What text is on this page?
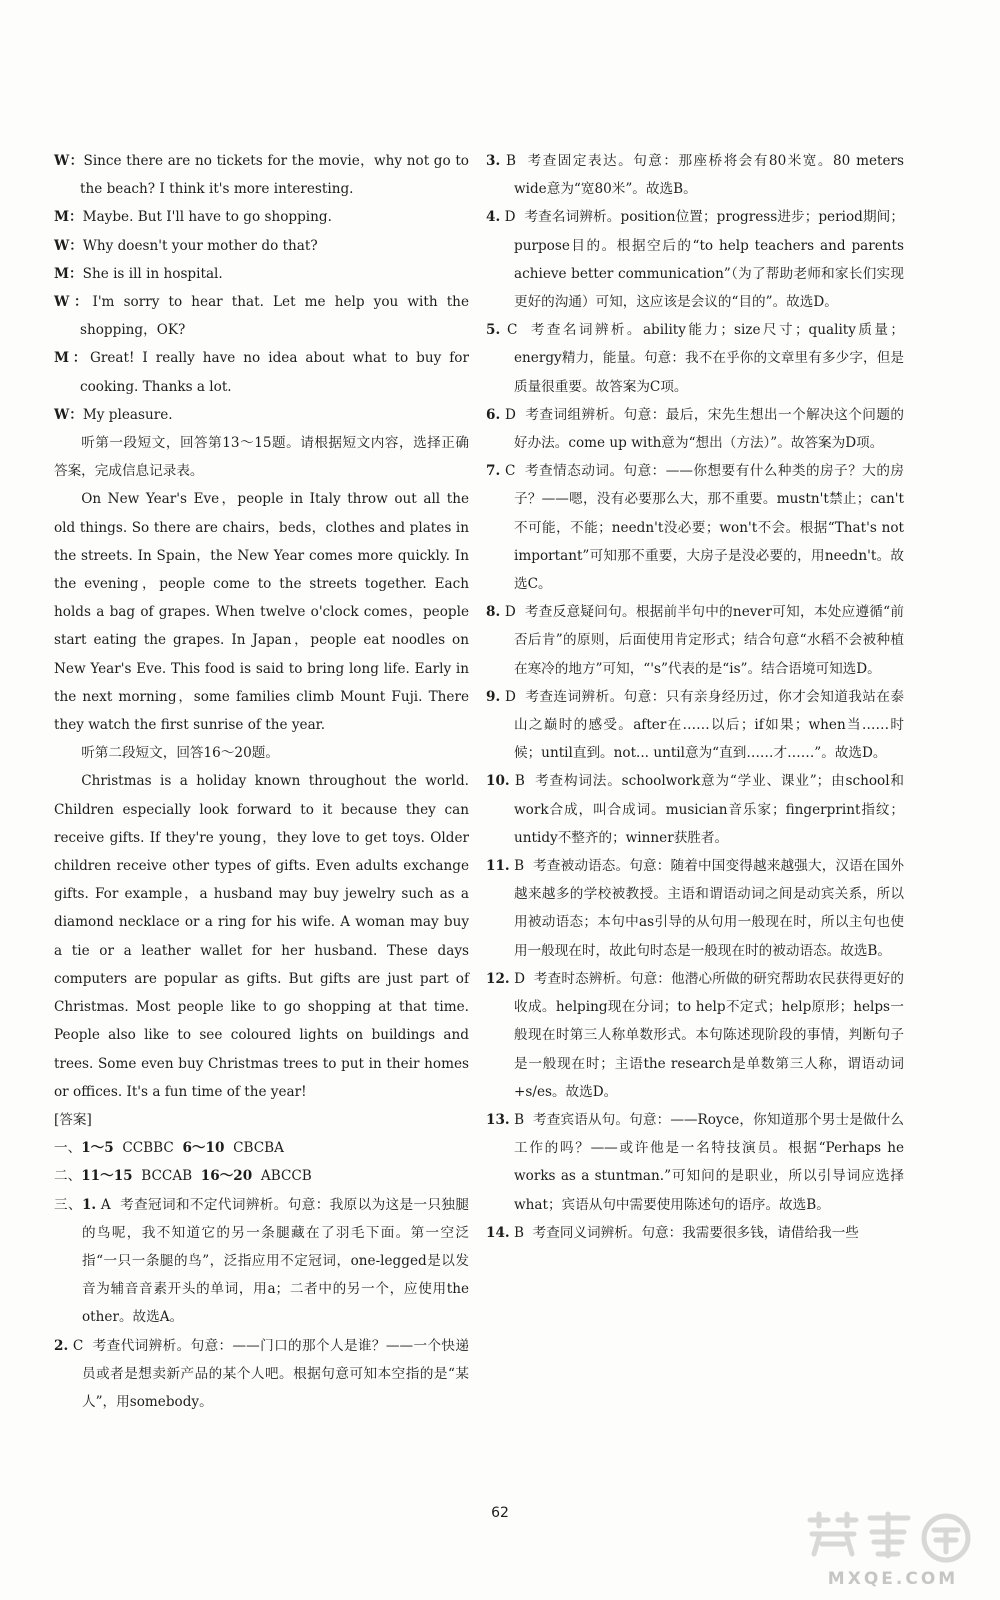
W：Since there are no tickets for the movie，why not go to the beach? I think it's more interesting.

M：Maybe. But I'll have to go shopping.

W：Why doesn't your mother do that?

M：She is ill in hospital.

W：I'm sorry to hear that. Let me help you with the shopping，OK?

M：Great! I really have no idea about what to buy for cooking. Thanks a lot.

W：My pleasure.

听第一段短文，回答第13～15题。请根据短文内容，选择正确答案，完成信息记录表。

On New Year's Eve，people in Italy throw out all the old things. So there are chairs，beds，clothes and plates in the streets. In Spain，the New Year comes more quickly. In the evening，people come to the streets together. Each holds a bag of grapes. When twelve o'clock comes，people start eating the grapes. In Japan，people eat noodles on New Year's Eve. This food is said to bring long life. Early in the next morning，some families climb Mount Fuji. There they watch the first sunrise of the year.

听第二段短文，回答16～20题。

Christmas is a holiday known throughout the world. Children especially look forward to it because they can receive gifts. If they're young，they love to get toys. Older children receive other types of gifts. Even adults exchange gifts. For example，a husband may buy jewelry such as a diamond necklace or a ring for his wife. A woman may buy a tie or a leather wallet for her husband. These days computers are popular as gifts. But gifts are just part of Christmas. Most people like to go shopping at that time. People also like to see coloured lights on buildings and trees. Some even buy Christmas trees to put in their homes or offices. It's a fun time of the year!

[答案]

一、1～5 CCBBC 6～10 CBCBA

二、11～15 BCCAB 16～20 ABCCB

三、1. A 考查冠词和不定代词辨析。句意：我原以为这是一只独腿的鸟呢，我不知道它的另一条腿藏在了羽毛下面。第一空泛指“一只一条腿的鸟”，泛指应用不定冠词，one-legged是以发音为辅音音素开头的单词，用a；二者中的另一个，应使用the other。故选A。

2. C 考查代词辨析。句意：——门口的那个人是谁？——一个快递员或者是想卖新产品的某个人吧。根据句意可知本空指的是“某人”，用somebody。

3. B 考查固定表达。句意：那座桥将会有80米宽。80 meters wide意为“宽80米”。故选B。

4. D 考查名词辨析。position位置；progress进步；period期间；purpose目的。根据空后的“to help teachers and parents achieve better communication”（为了帮助老师和家长们实现更好的沟通）可知，这应该是会议的“目的”。故选D。

5. C 考查名词辨析。ability能力；size尺寸；quality质量；energy精力，能量。句意：我不在乎你的文章里有多少字，但是质量很重要。故答案为C项。

6. D 考查词组辨析。句意：最后，宋先生想出一个解决这个问题的好办法。come up with意为“想出（方法）”。故答案为D项。

7. C 考查情态动词。句意：——你想要有什么种类的房子？大的房子？——嗯，没有必要那么大，那不重要。mustn't禁止；can't不可能，不能；needn't没必要；won't不会。根据“That's not important”可知那不重要，大房子是没必要的，用needn't。故选C。

8. D 考查反意疑问句。根据前半句中的never可知，本处应遵循“前否后肯”的原则，后面使用肯定形式；结合句意“水稻不会被种植在寒冷的地方”可知，“'s”代表的是“is”。结合语境可知选D。

9. D 考查连词辨析。句意：只有亲身经历过，你才会知道我站在泰山之巅时的感受。after在……以后；if如果；when当……时候；until直到。not... until意为“直到……才……”。故选D。

10. B 考查构词法。schoolwork意为“学业、课业”；由school和work合成，叫合成词。musician音乐家；fingerprint指纹；untidy不整齐的；winner获胜者。

11. B 考查被动语态。句意：随着中国变得越来越强大，汉语在国外越来越多的学校被教授。主语和谓语动词之间是动宾关系，所以用被动语态；本句中as引导的从句用一般现在时，所以主句也使用一般现在时，故此句时态是一般现在时的被动语态。故选B。

12. D 考查时态辨析。句意：他潜心所做的研究帮助农民获得更好的收成。helping现在分词；to help不定式；help原形；helps一般现在时第三人称单数形式。本句陈述现阶段的事情，判断句子是一般现在时；主语the research是单数第三人称，谓语动词+s/es。故选D。

13. B 考查宾语从句。句意：——Royce，你知道那个男士是做什么工作的吗？——或许他是一名特技演员。根据“Perhaps he works as a stuntman.”可知问的是职业，所以引导词应选择what；宾语从句中需要使用陈述句的语序。故选B。

14. B 考查同义词辨析。句意：我需要很多钱，请借给我一些

62
MXQE.COM
